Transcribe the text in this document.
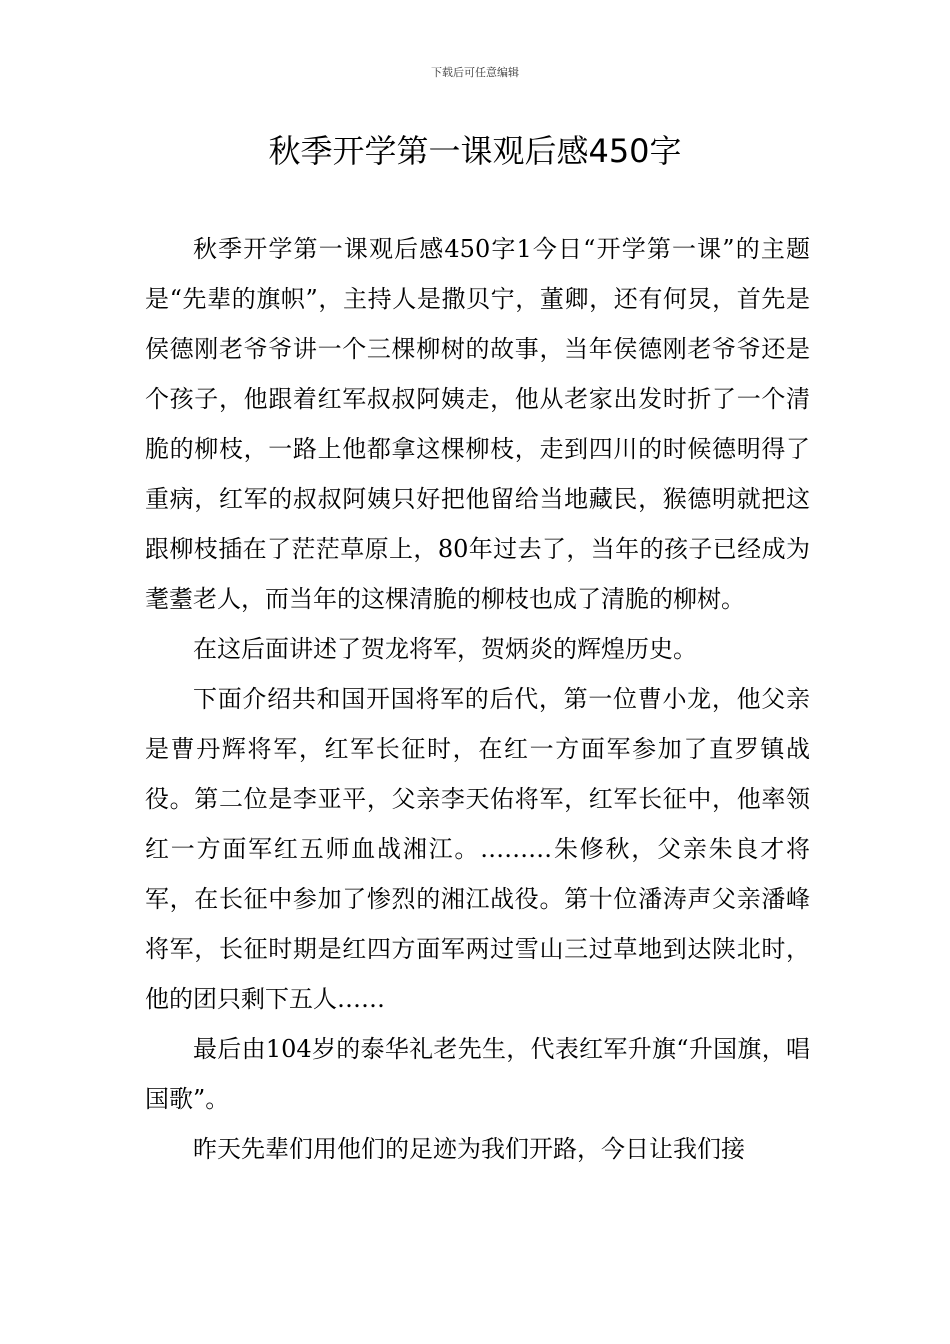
下载后可任意编辑
秋季开学第一课观后感450字

秋季开学第一课观后感450字1今日“开学第一课”的主题是“先辈的旗帜”，主持人是撒贝宁，董卿，还有何炅，首先是侯德刚老爷爷讲一个三棵柳树的故事，当年侯德刚老爷爷还是个孩子，他跟着红军叔叔阿姨走，他从老家出发时折了一个清脆的柳枝，一路上他都拿这棵柳枝，走到四川的时候德明得了重病，红军的叔叔阿姨只好把他留给当地藏民，猴德明就把这跟柳枝插在了茫茫草原上，80年过去了，当年的孩子已经成为耄耋老人，而当年的这棵清脆的柳枝也成了清脆的柳树。

在这后面讲述了贺龙将军，贺炳炎的辉煌历史。

下面介绍共和国开国将军的后代，第一位曹小龙，他父亲是曹丹辉将军，红军长征时，在红一方面军参加了直罗镇战役。第二位是李亚平，父亲李天佑将军，红军长征中，他率领红一方面军红五师血战湘江。………朱修秋，父亲朱良才将军，在长征中参加了惨烈的湘江战役。第十位潘涛声父亲潘峰将军，长征时期是红四方面军两过雪山三过草地到达陕北时，他的团只剩下五人……

最后由104岁的泰华礼老先生，代表红军升旗“升国旗，唱国歌”。

昨天先辈们用他们的足迹为我们开路，今日让我们接
